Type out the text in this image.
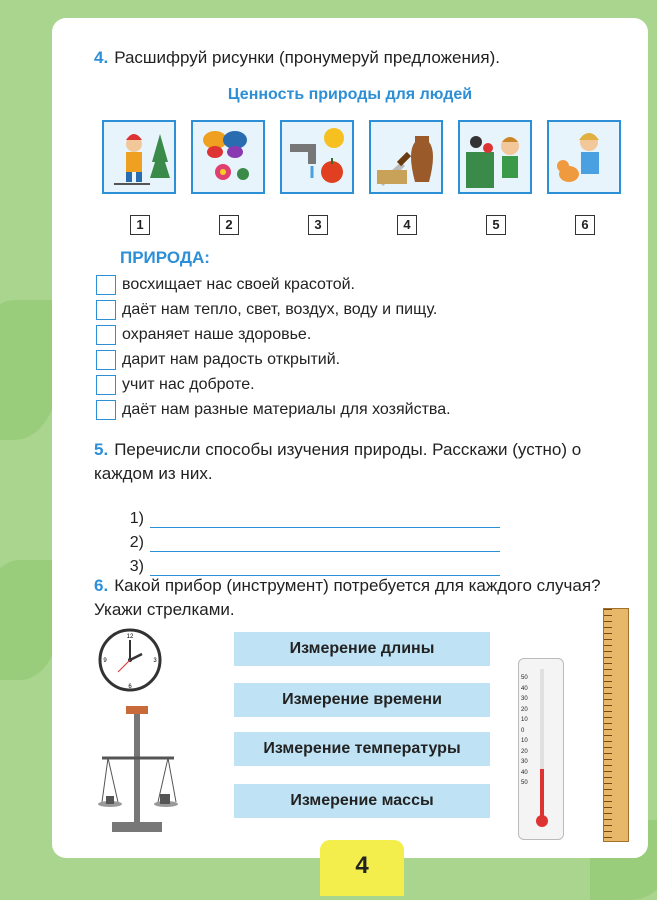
4. Расшифруй рисунки (пронумеруй предложения).
Ценность природы для людей
1	2	3	4	5	6
ПРИРОДА:
восхищает нас своей красотой.
даёт нам тепло, свет, воздух, воду и пищу.
охраняет наше здоровье.
дарит нам радость открытий.
учит нас доброте.
даёт нам разные материалы для хозяйства.
5. Перечисли способы изучения природы. Расскажи (устно) о каждом из них.
1)
2)
3)
6. Какой прибор (инструмент) потребуется для каждого случая? Укажи стрелками.
Измерение длины
Измерение времени
Измерение температуры
Измерение массы
12
3
6
9
50
40
30
20
10
0
10
20
30
40
50
4
